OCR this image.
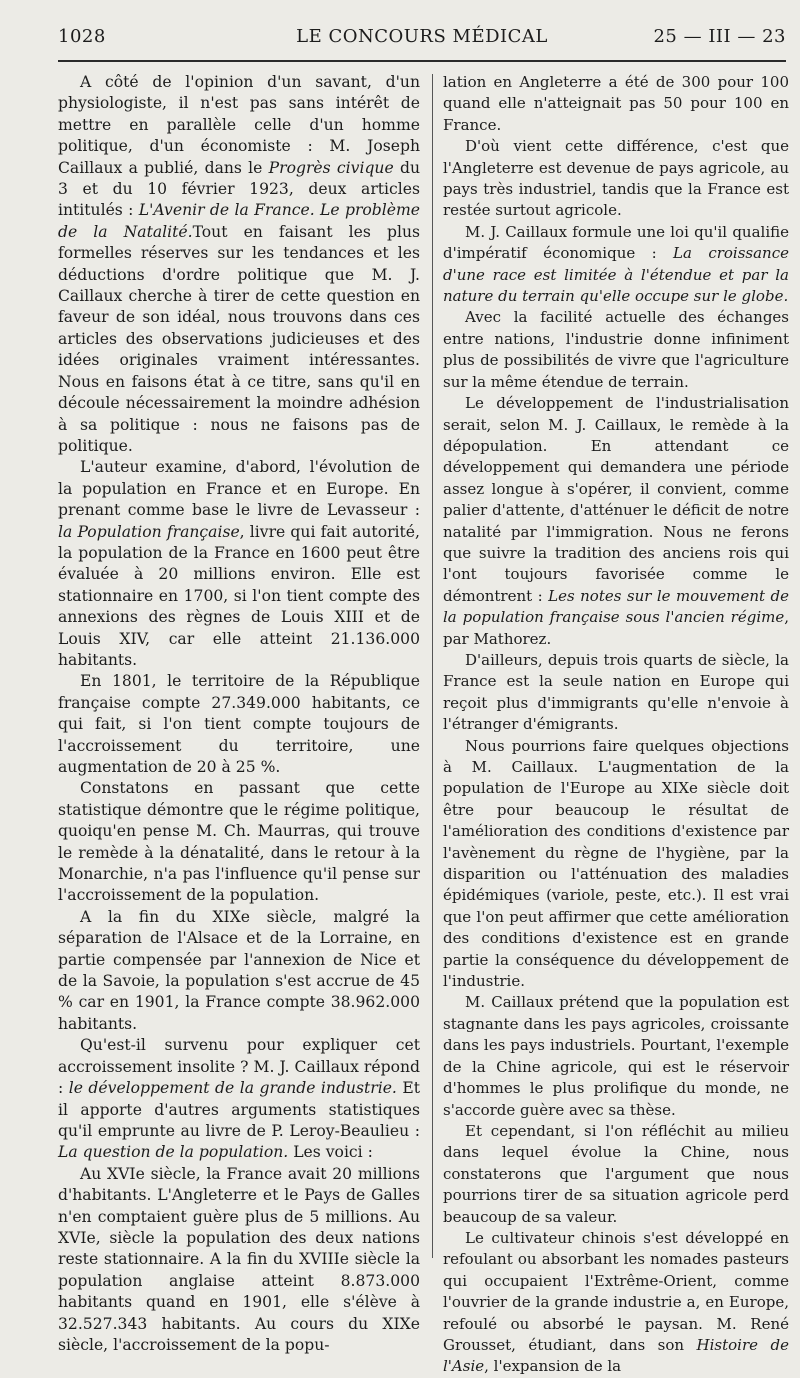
1028	LE CONCOURS MÉDICAL	25 — III — 23

A côté de l'opinion d'un savant, d'un physiologiste, il n'est pas sans intérêt de mettre en parallèle celle d'un homme politique, d'un économiste : M. Joseph Caillaux a publié, dans le Progrès civique du 3 et du 10 février 1923, deux articles intitulés : L'Avenir de la France. Le problème de la Natalité.Tout en faisant les plus formelles réserves sur les tendances et les déductions d'ordre politique que M. J. Caillaux cherche à tirer de cette question en faveur de son idéal, nous trouvons dans ces articles des observations judicieuses et des idées originales vraiment intéressantes. Nous en faisons état à ce titre, sans qu'il en découle nécessairement la moindre adhésion à sa politique : nous ne faisons pas de politique.

L'auteur examine, d'abord, l'évolution de la population en France et en Europe. En prenant comme base le livre de Levasseur : la Population française, livre qui fait autorité, la population de la France en 1600 peut être évaluée à 20 millions environ. Elle est stationnaire en 1700, si l'on tient compte des annexions des règnes de Louis XIII et de Louis XIV, car elle atteint 21.136.000 habitants.

En 1801, le territoire de la République française compte 27.349.000 habitants, ce qui fait, si l'on tient compte toujours de l'accroissement du territoire, une augmentation de 20 à 25 %.

Constatons en passant que cette statistique démontre que le régime politique, quoiqu'en pense M. Ch. Maurras, qui trouve le remède à la dénatalité, dans le retour à la Monarchie, n'a pas l'influence qu'il pense sur l'accroissement de la population.

A la fin du XIXe siècle, malgré la séparation de l'Alsace et de la Lorraine, en partie compensée par l'annexion de Nice et de la Savoie, la population s'est accrue de 45 % car en 1901, la France compte 38.962.000 habitants.

Qu'est-il survenu pour expliquer cet accroissement insolite ? M. J. Caillaux répond : le développement de la grande industrie. Et il apporte d'autres arguments statistiques qu'il emprunte au livre de P. Leroy-Beaulieu : La question de la population. Les voici :

Au XVIe siècle, la France avait 20 millions d'habitants. L'Angleterre et le Pays de Galles n'en comptaient guère plus de 5 millions. Au XVIe, siècle la population des deux nations reste stationnaire. A la fin du XVIIIe siècle la population anglaise atteint 8.873.000 habitants quand en 1901, elle s'élève à 32.527.343 habitants. Au cours du XIXe siècle, l'accroissement de la popu-

lation en Angleterre a été de 300 pour 100 quand elle n'atteignait pas 50 pour 100 en France.

D'où vient cette différence, c'est que l'Angleterre est devenue de pays agricole, au pays très industriel, tandis que la France est restée surtout agricole.

M. J. Caillaux formule une loi qu'il qualifie d'impératif économique : La croissance d'une race est limitée à l'étendue et par la nature du terrain qu'elle occupe sur le globe.

Avec la facilité actuelle des échanges entre nations, l'industrie donne infiniment plus de possibilités de vivre que l'agriculture sur la même étendue de terrain.

Le développement de l'industrialisation serait, selon M. J. Caillaux, le remède à la dépopulation. En attendant ce développement qui demandera une période assez longue à s'opérer, il convient, comme palier d'attente, d'atténuer le déficit de notre natalité par l'immigration. Nous ne ferons que suivre la tradition des anciens rois qui l'ont toujours favorisée comme le démontrent : Les notes sur le mouvement de la population française sous l'ancien régime, par Mathorez.

D'ailleurs, depuis trois quarts de siècle, la France est la seule nation en Europe qui reçoit plus d'immigrants qu'elle n'envoie à l'étranger d'émigrants.

Nous pourrions faire quelques objections à M. Caillaux. L'augmentation de la population de l'Europe au XIXe siècle doit être pour beaucoup le résultat de l'amélioration des conditions d'existence par l'avènement du règne de l'hygiène, par la disparition ou l'atténuation des maladies épidémiques (variole, peste, etc.). Il est vrai que l'on peut affirmer que cette amélioration des conditions d'existence est en grande partie la conséquence du développement de l'industrie.

M. Caillaux prétend que la population est stagnante dans les pays agricoles, croissante dans les pays industriels. Pourtant, l'exemple de la Chine agricole, qui est le réservoir d'hommes le plus prolifique du monde, ne s'accorde guère avec sa thèse.

Et cependant, si l'on réfléchit au milieu dans lequel évolue la Chine, nous constaterons que l'argument que nous pourrions tirer de sa situation agricole perd beaucoup de sa valeur.

Le cultivateur chinois s'est développé en refoulant ou absorbant les nomades pasteurs qui occupaient l'Extrême-Orient, comme l'ouvrier de la grande industrie a, en Europe, refoulé ou absorbé le paysan. M. René Grousset, étudiant, dans son Histoire de l'Asie, l'expansion de la
